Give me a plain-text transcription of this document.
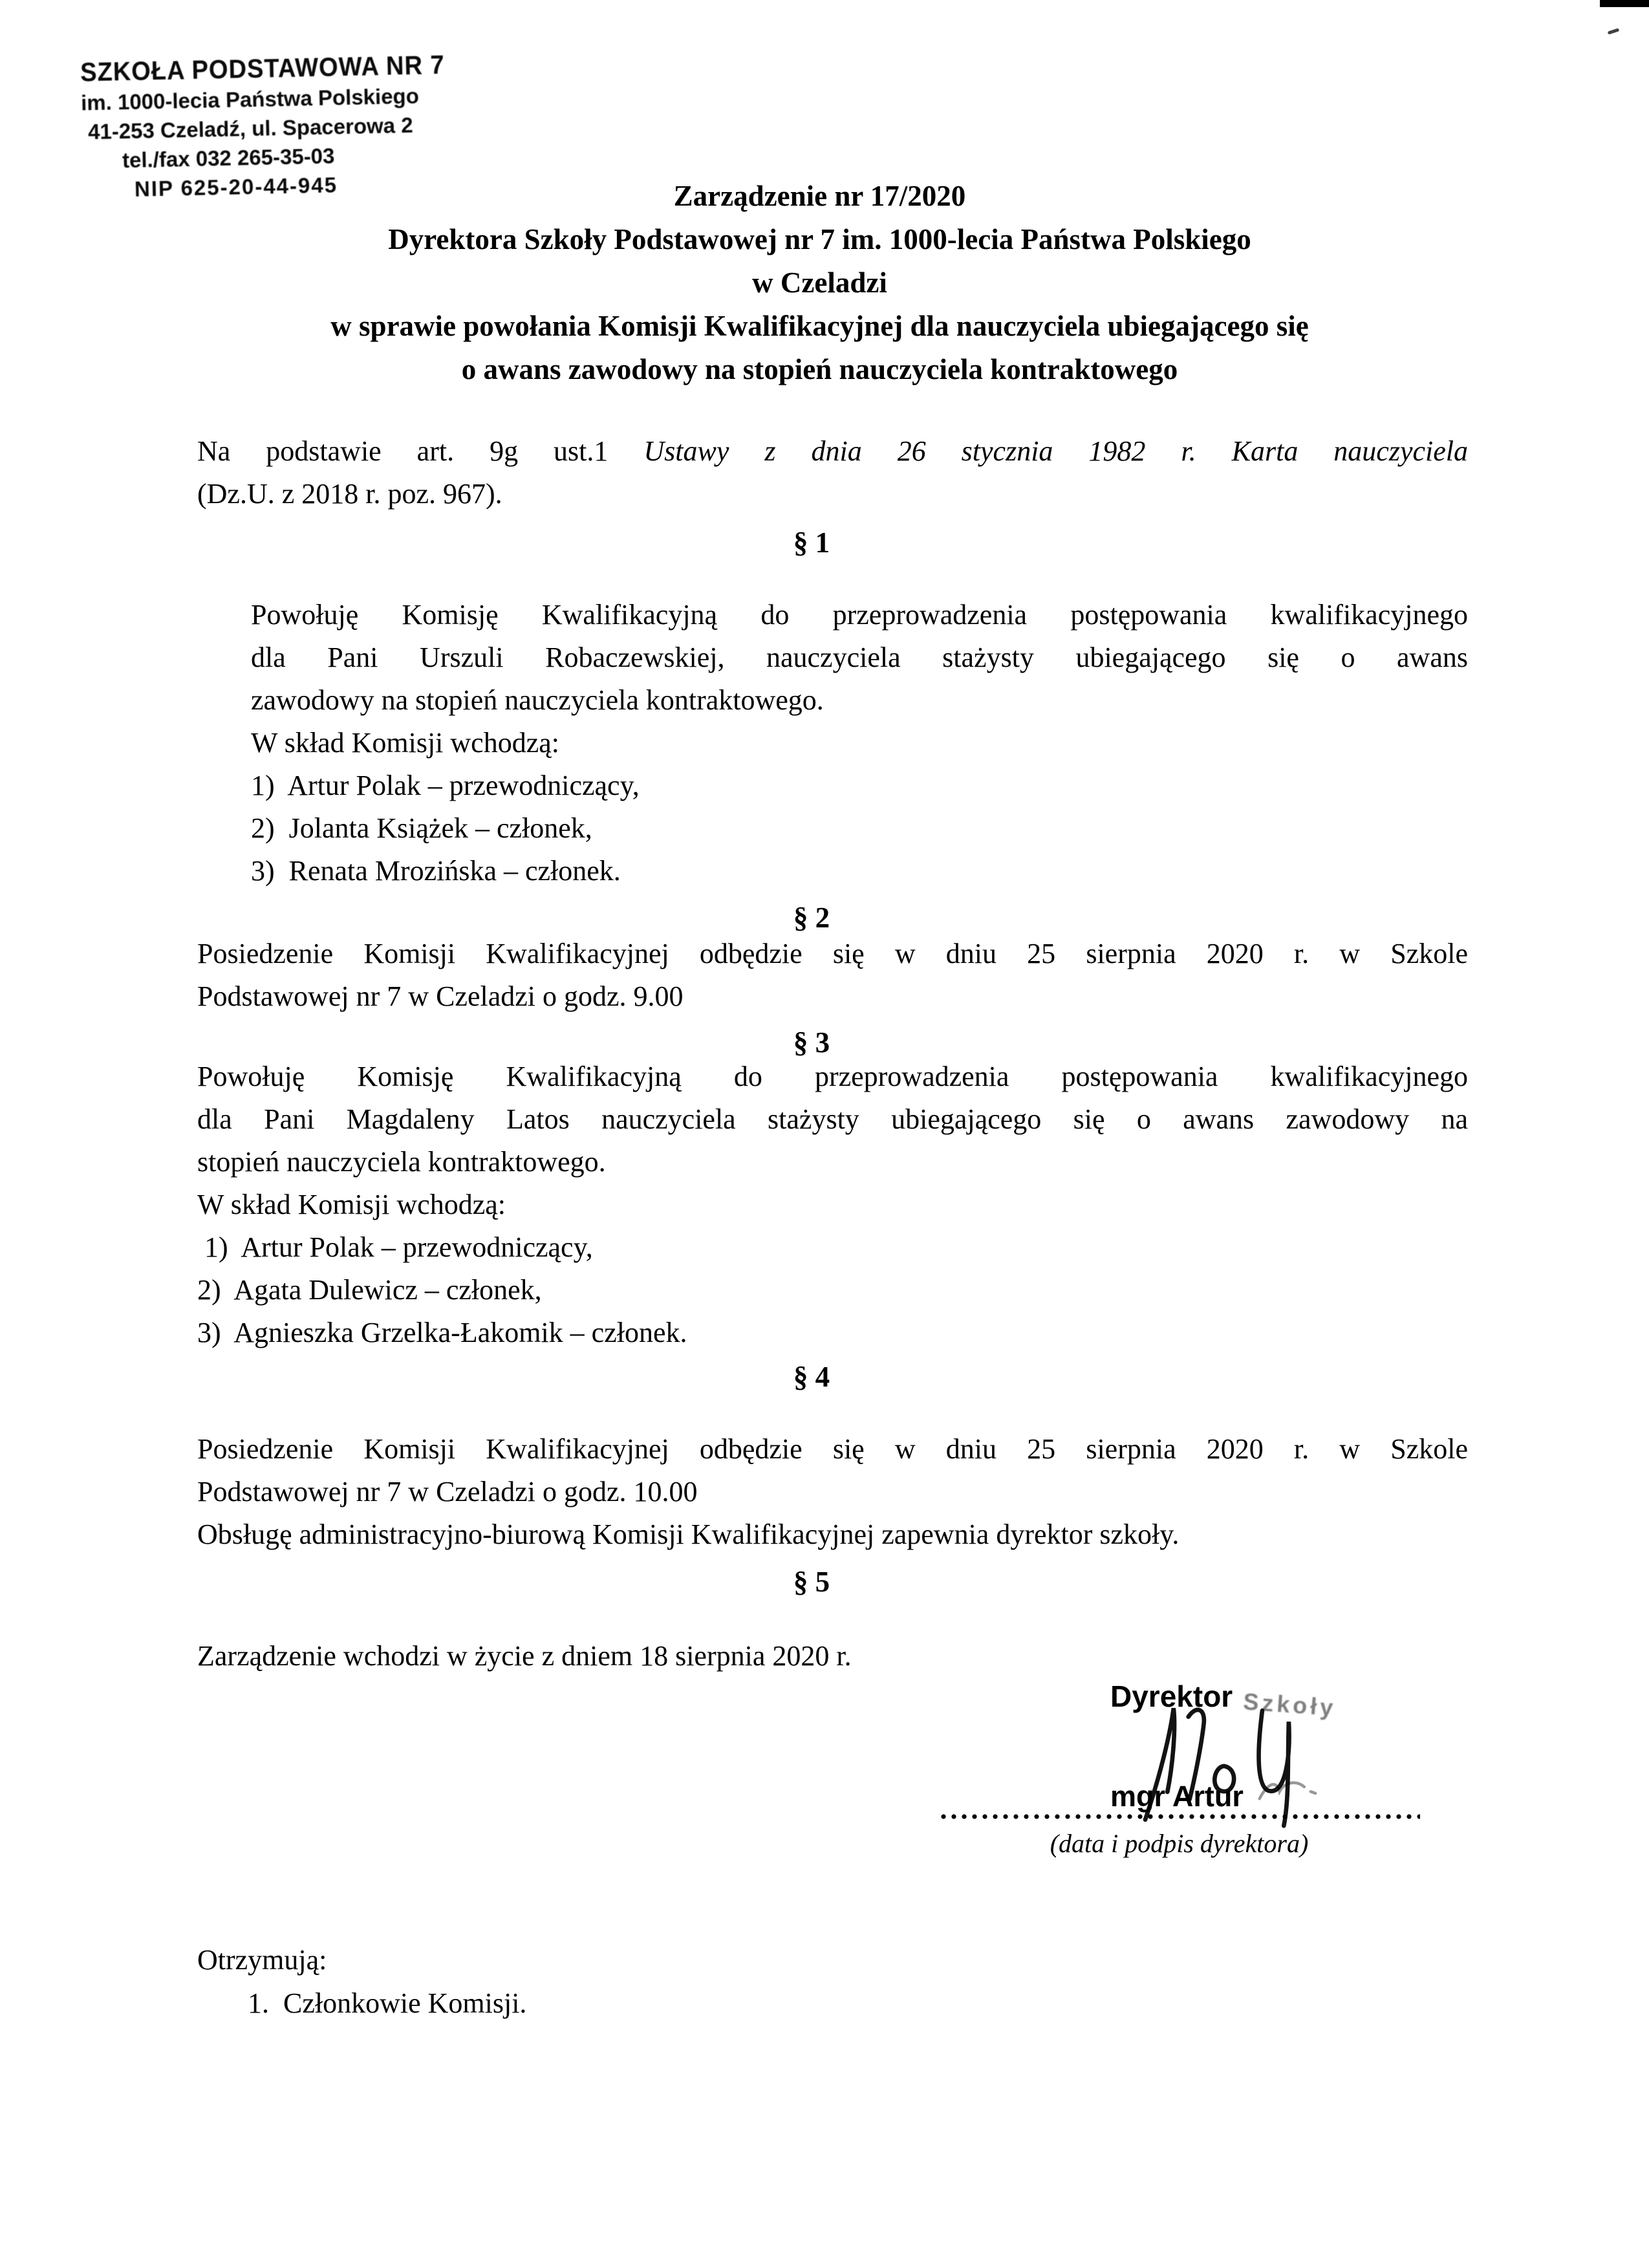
SZKOŁA PODSTAWOWA NR 7
im. 1000-lecia Państwa Polskiego
41-253 Czeladź, ul. Spacerowa 2
tel./fax 032 265-35-03
NIP 625-20-44-945	Zarządzenie nr 17/2020
Dyrektora Szkoły Podstawowej nr 7 im. 1000-lecia Państwa Polskiego
w Czeladzi
w sprawie powołania Komisji Kwalifikacyjnej dla nauczyciela ubiegającego się
o awans zawodowy na stopień nauczyciela kontraktowego
Na podstawie art. 9g ust.1 Ustawy z dnia 26 stycznia 1982 r. Karta nauczyciela
(Dz.U. z 2018 r. poz. 967).
§ 1
Powołuję Komisję Kwalifikacyjną do przeprowadzenia postępowania kwalifikacyjnego
dla Pani Urszuli Robaczewskiej, nauczyciela stażysty ubiegającego się o awans
zawodowy na stopień nauczyciela kontraktowego.
W skład Komisji wchodzą:
1)  Artur Polak – przewodniczący,
2)  Jolanta Książek – członek,
3)  Renata Mrozińska – członek.
§ 2
Posiedzenie Komisji Kwalifikacyjnej odbędzie się w dniu 25 sierpnia 2020 r. w Szkole
Podstawowej nr 7 w Czeladzi o godz. 9.00
§ 3
Powołuję Komisję Kwalifikacyjną do przeprowadzenia postępowania kwalifikacyjnego
dla Pani Magdaleny Latos nauczyciela stażysty ubiegającego się o awans zawodowy na
stopień nauczyciela kontraktowego.
W skład Komisji wchodzą:
1)  Artur Polak – przewodniczący,
2)  Agata Dulewicz – członek,
3)  Agnieszka Grzelka-Łakomik – członek.
§ 4
Posiedzenie Komisji Kwalifikacyjnej odbędzie się w dniu 25 sierpnia 2020 r. w Szkole
Podstawowej nr 7 w Czeladzi o godz. 10.00
Obsługę administracyjno-biurową Komisji Kwalifikacyjnej zapewnia dyrektor szkoły.
§ 5
Zarządzenie wchodzi w życie z dniem 18 sierpnia 2020 r.
Dyrektor Szkoły
mgr Artur
(data i podpis dyrektora)
Otrzymują:
1.  Członkowie Komisji.
